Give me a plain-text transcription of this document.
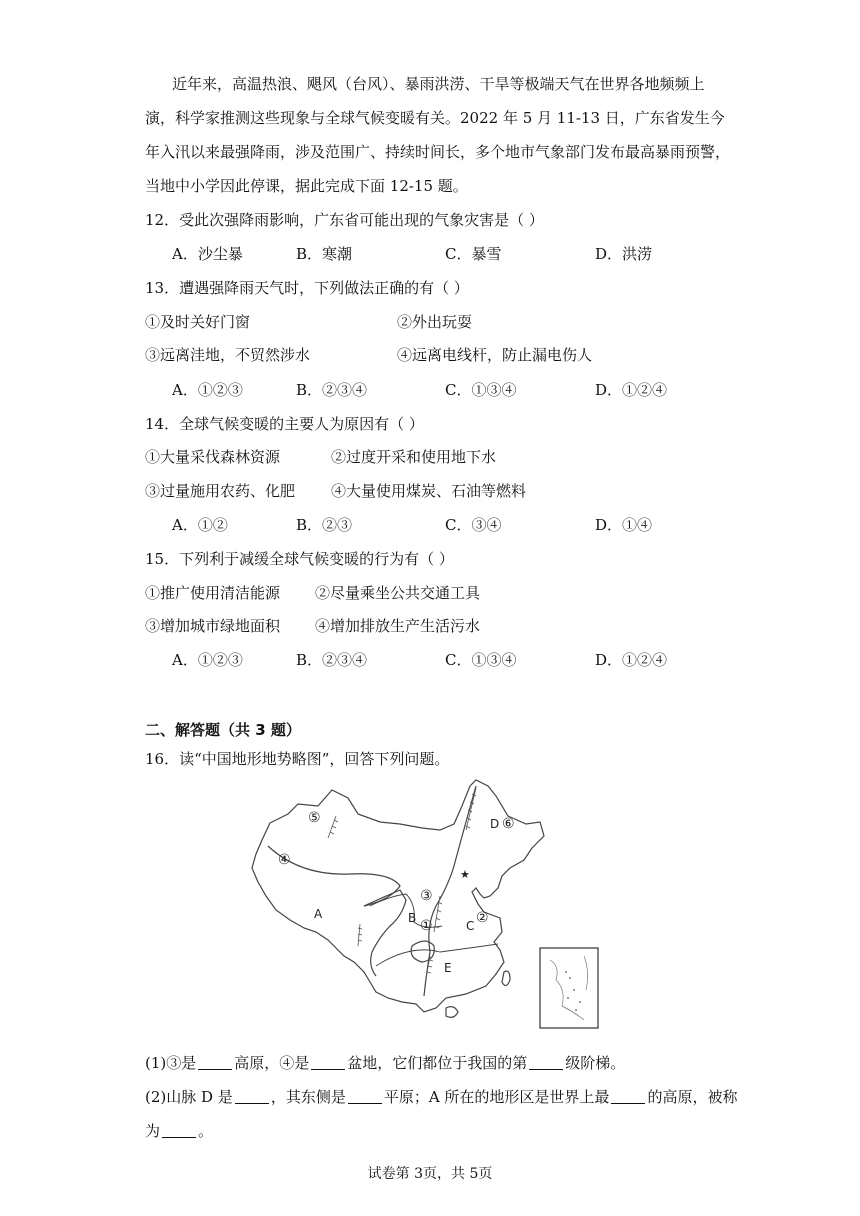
近年来，高温热浪、飓风（台风）、暴雨洪涝、干旱等极端天气在世界各地频频上
演，科学家推测这些现象与全球气候变暖有关。2022 年 5 月 11-13 日，广东省发生今
年入汛以来最强降雨，涉及范围广、持续时间长，多个地市气象部门发布最高暴雨预警，
当地中小学因此停课，据此完成下面 12-15 题。
12．受此次强降雨影响，广东省可能出现的气象灾害是（ ）
A．沙尘暴	B．寒潮	C．暴雪	D．洪涝
13．遭遇强降雨天气时，下列做法正确的有（ ）
①及时关好门窗	②外出玩耍
③远离洼地，不贸然涉水	④远离电线杆，防止漏电伤人
A．①②③	B．②③④	C．①③④	D．①②④
14．全球气候变暖的主要人为原因有（ ）
①大量采伐森林资源	②过度开采和使用地下水
③过量施用农药、化肥 ④大量使用煤炭、石油等燃料
A．①②	B．②③	C．③④	D．①④
15．下列利于减缓全球气候变暖的行为有（ ）
①推广使用清洁能源 ②尽量乘坐公共交通工具
③增加城市绿地面积 ④增加排放生产生活污水
A．①②③	B．②③④	C．①③④	D．①②④
二、解答题（共 3 题）
16．读“中国地形地势略图”，回答下列问题。
⑤	D ⑥
④
③
★
A	B ①	②
C
E
(1)③是	高原，④是	盆地，它们都位于我国的第	级阶梯。
(2)山脉 D 是	，其东侧是	平原；A 所在的地形区是世界上最	的高原，被称
为	。
试卷第 3页，共 5页
